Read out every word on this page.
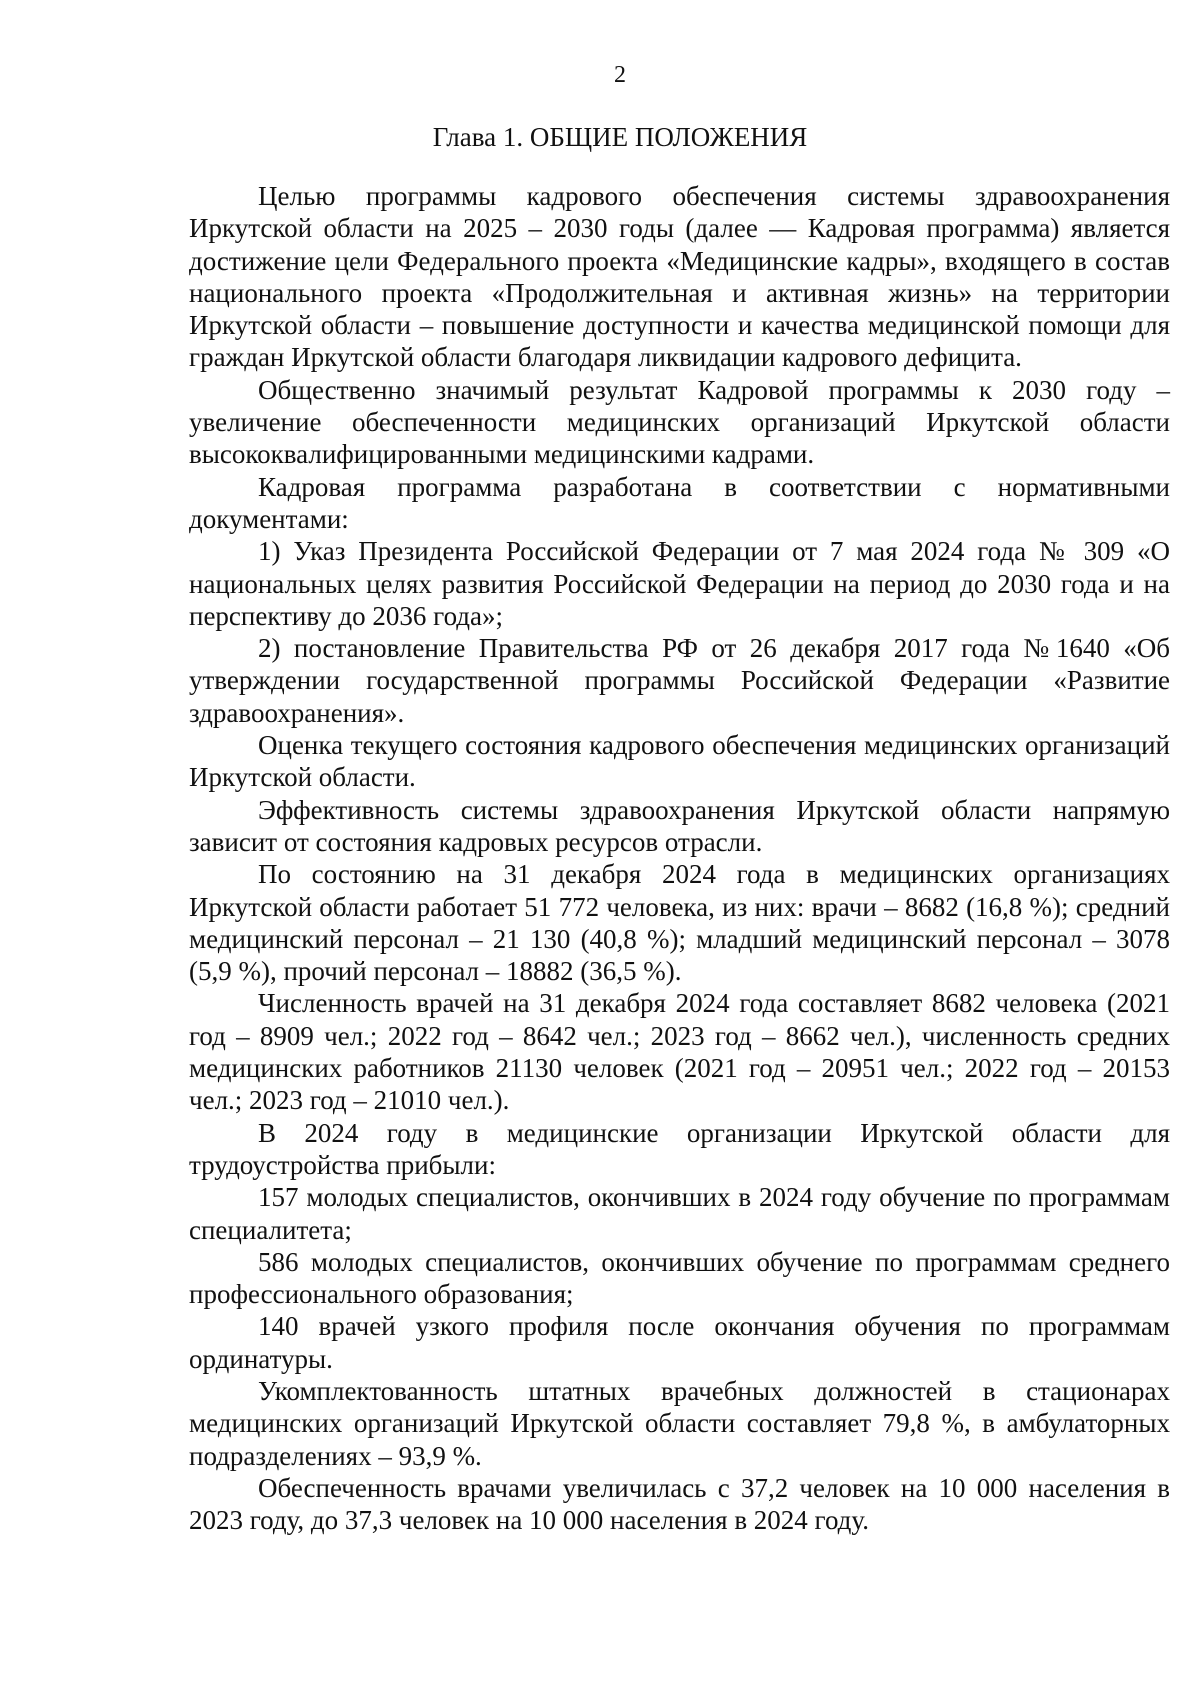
2
Глава 1. ОБЩИЕ ПОЛОЖЕНИЯ

Целью программы кадрового обеспечения системы здравоохранения Иркутской области на 2025 – 2030 годы (далее — Кадровая программа) является достижение цели Федерального проекта «Медицинские кадры», входящего в состав национального проекта «Продолжительная и активная жизнь» на территории Иркутской области – повышение доступности и качества медицинской помощи для граждан Иркутской области благодаря ликвидации кадрового дефицита.

Общественно значимый результат Кадровой программы к 2030 году – увеличение обеспеченности медицинских организаций Иркутской области высококвалифицированными медицинскими кадрами.

Кадровая программа разработана в соответствии с нормативными документами:

1) Указ Президента Российской Федерации от 7 мая 2024 года № 309 «О национальных целях развития Российской Федерации на период до 2030 года и на перспективу до 2036 года»;

2) постановление Правительства РФ от 26 декабря 2017 года №1640 «Об утверждении государственной программы Российской Федерации «Развитие здравоохранения».

Оценка текущего состояния кадрового обеспечения медицинских организаций Иркутской области.

Эффективность системы здравоохранения Иркутской области напрямую зависит от состояния кадровых ресурсов отрасли.

По состоянию на 31 декабря 2024 года в медицинских организациях Иркутской области работает 51 772 человека, из них: врачи – 8682 (16,8 %); средний медицинский персонал – 21 130 (40,8 %); младший медицинский персонал – 3078 (5,9 %), прочий персонал – 18882 (36,5 %).

Численность врачей на 31 декабря 2024 года составляет 8682 человека (2021 год – 8909 чел.; 2022 год – 8642 чел.; 2023 год – 8662 чел.), численность средних медицинских работников 21130 человек (2021 год – 20951 чел.; 2022 год – 20153 чел.; 2023 год – 21010 чел.).

В 2024 году в медицинские организации Иркутской области для трудоустройства прибыли:

157 молодых специалистов, окончивших в 2024 году обучение по программам специалитета;

586 молодых специалистов, окончивших обучение по программам среднего профессионального образования;

140 врачей узкого профиля после окончания обучения по программам ординатуры.

Укомплектованность штатных врачебных должностей в стационарах медицинских организаций Иркутской области составляет 79,8 %, в амбулаторных подразделениях – 93,9 %.

Обеспеченность врачами увеличилась с 37,2 человек на 10 000 населения в 2023 году, до 37,3 человек на 10 000 населения в 2024 году.
